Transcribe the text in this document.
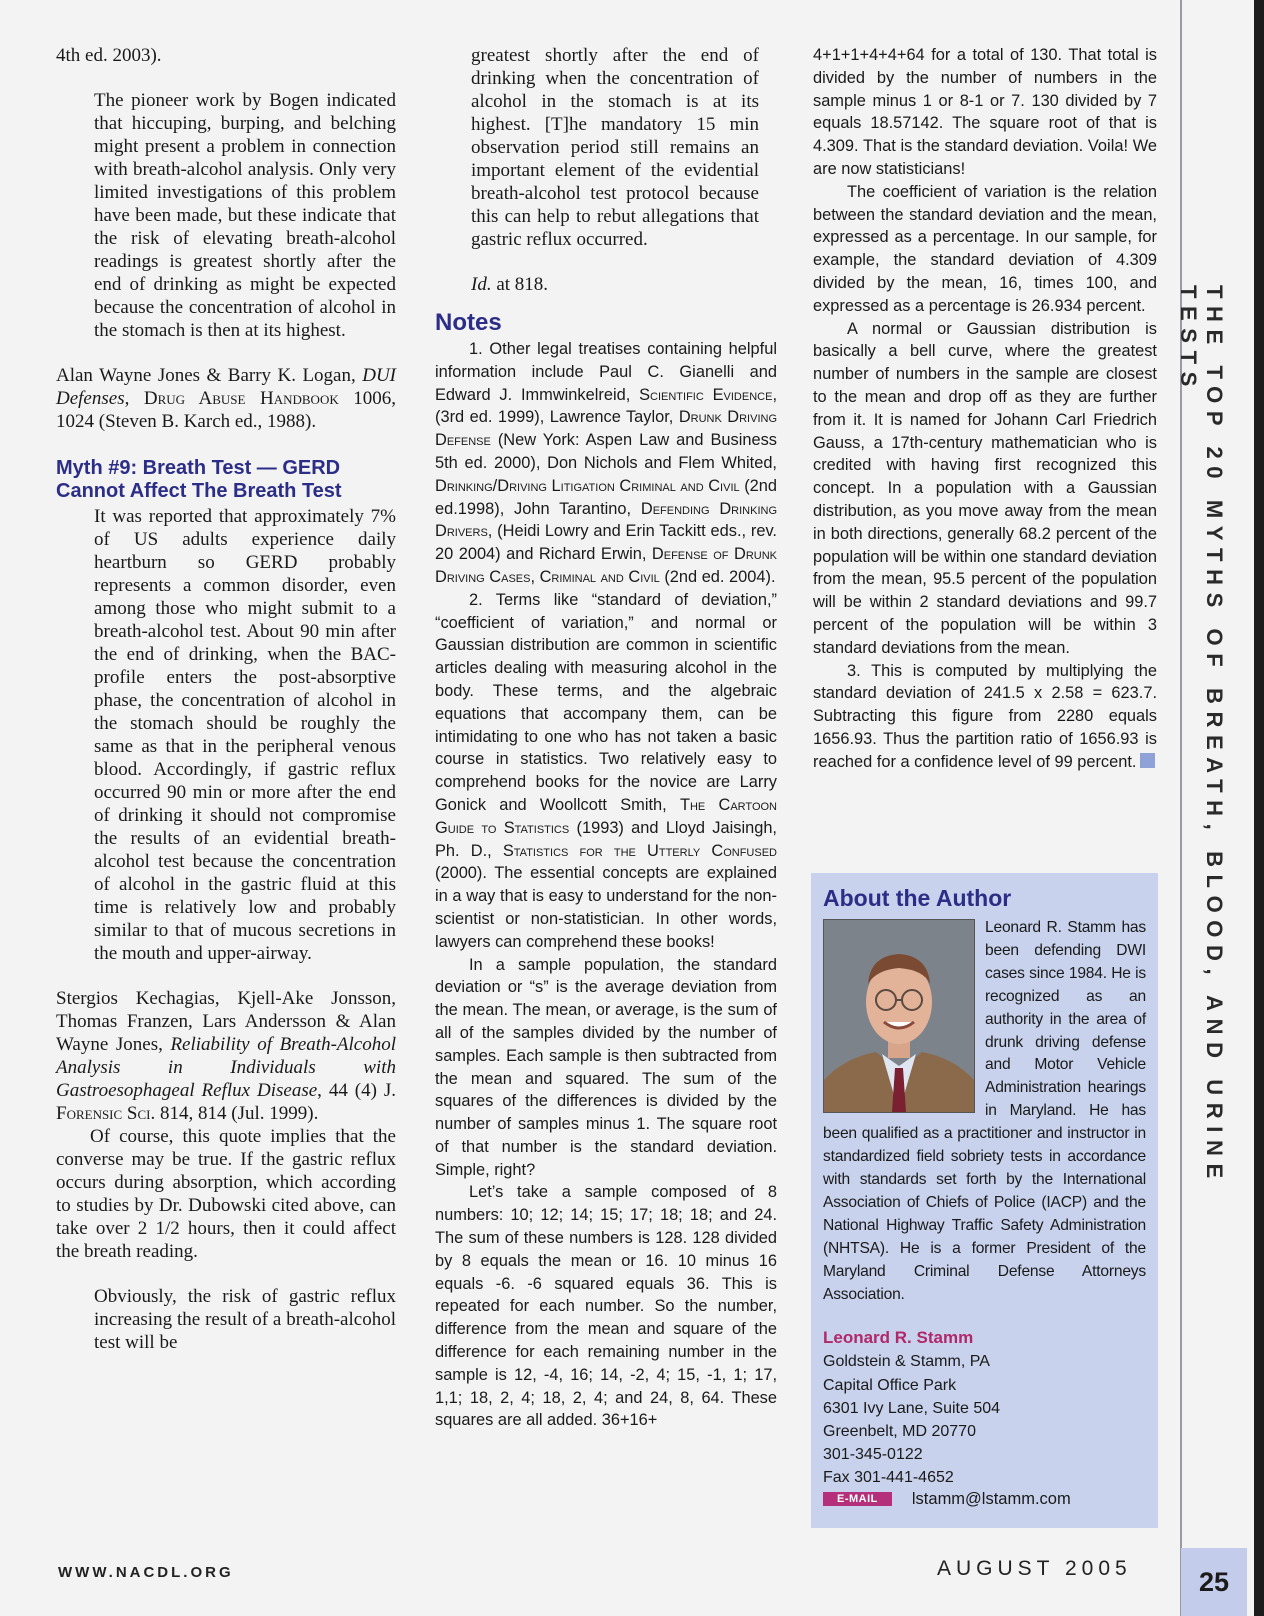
4th ed. 2003).

The pioneer work by Bogen indicated that hiccuping, burping, and belching might present a problem in connection with breath-alcohol analysis. Only very limited investigations of this problem have been made, but these indicate that the risk of elevating breath-alcohol readings is greatest shortly after the end of drinking as might be expected because the concentration of alcohol in the stomach is then at its highest.

Alan Wayne Jones & Barry K. Logan, DUI Defenses, Drug Abuse Handbook 1006, 1024 (Steven B. Karch ed., 1988).

Myth #9: Breath Test — GERD Cannot Affect The Breath Test

It was reported that approximately 7% of US adults experience daily heartburn so GERD probably represents a common disorder, even among those who might submit to a breath-alcohol test. About 90 min after the end of drinking, when the BAC-profile enters the post-absorptive phase, the concentration of alcohol in the stomach should be roughly the same as that in the peripheral venous blood. Accordingly, if gastric reflux occurred 90 min or more after the end of drinking it should not compromise the results of an evidential breath-alcohol test because the concentration of alcohol in the gastric fluid at this time is relatively low and probably similar to that of mucous secretions in the mouth and upper-airway.

Stergios Kechagias, Kjell-Ake Jonsson, Thomas Franzen, Lars Andersson & Alan Wayne Jones, Reliability of Breath-Alcohol Analysis in Individuals with Gastroesophageal Reflux Disease, 44 (4) J. Forensic Sci. 814, 814 (Jul. 1999).

Of course, this quote implies that the converse may be true. If the gastric reflux occurs during absorption, which according to studies by Dr. Dubowski cited above, can take over 2 1/2 hours, then it could affect the breath reading.

Obviously, the risk of gastric reflux increasing the result of a breath-alcohol test will be

greatest shortly after the end of drinking when the concentration of alcohol in the stomach is at its highest. [T]he mandatory 15 min observation period still remains an important element of the evidential breath-alcohol test protocol because this can help to rebut allegations that gastric reflux occurred.

Id. at 818.

Notes

1. Other legal treatises containing helpful information include Paul C. Gianelli and Edward J. Immwinkelreid, Scientific Evidence, (3rd ed. 1999), Lawrence Taylor, Drunk Driving Defense (New York: Aspen Law and Business 5th ed. 2000), Don Nichols and Flem Whited, Drinking/Driving Litigation Criminal and Civil (2nd ed.1998), John Tarantino, Defending Drinking Drivers, (Heidi Lowry and Erin Tackitt eds., rev. 20 2004) and Richard Erwin, Defense of Drunk Driving Cases, Criminal and Civil (2nd ed. 2004).

2. Terms like “standard of deviation,” “coefficient of variation,” and normal or Gaussian distribution are common in scientific articles dealing with measuring alcohol in the body. These terms, and the algebraic equations that accompany them, can be intimidating to one who has not taken a basic course in statistics. Two relatively easy to comprehend books for the novice are Larry Gonick and Woollcott Smith, The Cartoon Guide to Statistics (1993) and Lloyd Jaisingh, Ph. D., Statistics for the Utterly Confused (2000). The essential concepts are explained in a way that is easy to understand for the non-scientist or non-statistician. In other words, lawyers can comprehend these books!

In a sample population, the standard deviation or “s” is the average deviation from the mean. The mean, or average, is the sum of all of the samples divided by the number of samples. Each sample is then subtracted from the mean and squared. The sum of the squares of the differences is divided by the number of samples minus 1. The square root of that number is the standard deviation. Simple, right?

Let’s take a sample composed of 8 numbers: 10; 12; 14; 15; 17; 18; 18; and 24. The sum of these numbers is 128. 128 divided by 8 equals the mean or 16. 10 minus 16 equals -6. -6 squared equals 36. This is repeated for each number. So the number, difference from the mean and square of the difference for each remaining number in the sample is 12, -4, 16; 14, -2, 4; 15, -1, 1; 17, 1,1; 18, 2, 4; 18, 2, 4; and 24, 8, 64. These squares are all added. 36+16+

4+1+1+4+4+64 for a total of 130. That total is divided by the number of numbers in the sample minus 1 or 8-1 or 7. 130 divided by 7 equals 18.57142. The square root of that is 4.309. That is the standard deviation. Voila! We are now statisticians!

The coefficient of variation is the relation between the standard deviation and the mean, expressed as a percentage. In our sample, for example, the standard deviation of 4.309 divided by the mean, 16, times 100, and expressed as a percentage is 26.934 percent.

A normal or Gaussian distribution is basically a bell curve, where the greatest number of numbers in the sample are closest to the mean and drop off as they are further from it. It is named for Johann Carl Friedrich Gauss, a 17th-century mathematician who is credited with having first recognized this concept. In a population with a Gaussian distribution, as you move away from the mean in both directions, generally 68.2 percent of the population will be within one standard deviation from the mean, 95.5 percent of the population will be within 2 standard deviations and 99.7 percent of the population will be within 3 standard deviations from the mean.

3. This is computed by multiplying the standard deviation of 241.5 x 2.58 = 623.7. Subtracting this figure from 2280 equals 1656.93. Thus the partition ratio of 1656.93 is reached for a confidence level of 99 percent.

About the Author

Leonard R. Stamm has been defending DWI cases since 1984. He is recognized as an authority in the area of drunk driving defense and Motor Vehicle Administration hearings in Maryland. He has been qualified as a practitioner and instructor in standardized field sobriety tests in accordance with standards set forth by the International Association of Chiefs of Police (IACP) and the National Highway Traffic Safety Administration (NHTSA). He is a former President of the Maryland Criminal Defense Attorneys Association.

Leonard R. Stamm
Goldstein & Stamm, PA
Capital Office Park
6301 Ivy Lane, Suite 504
Greenbelt, MD 20770
301-345-0122
Fax 301-441-4652
E-MAIL	lstamm@lstamm.com
THE TOP 20 MYTHS OF BREATH, BLOOD, AND URINE TESTS
WWW.NACDL.ORG	AUGUST 2005	25
